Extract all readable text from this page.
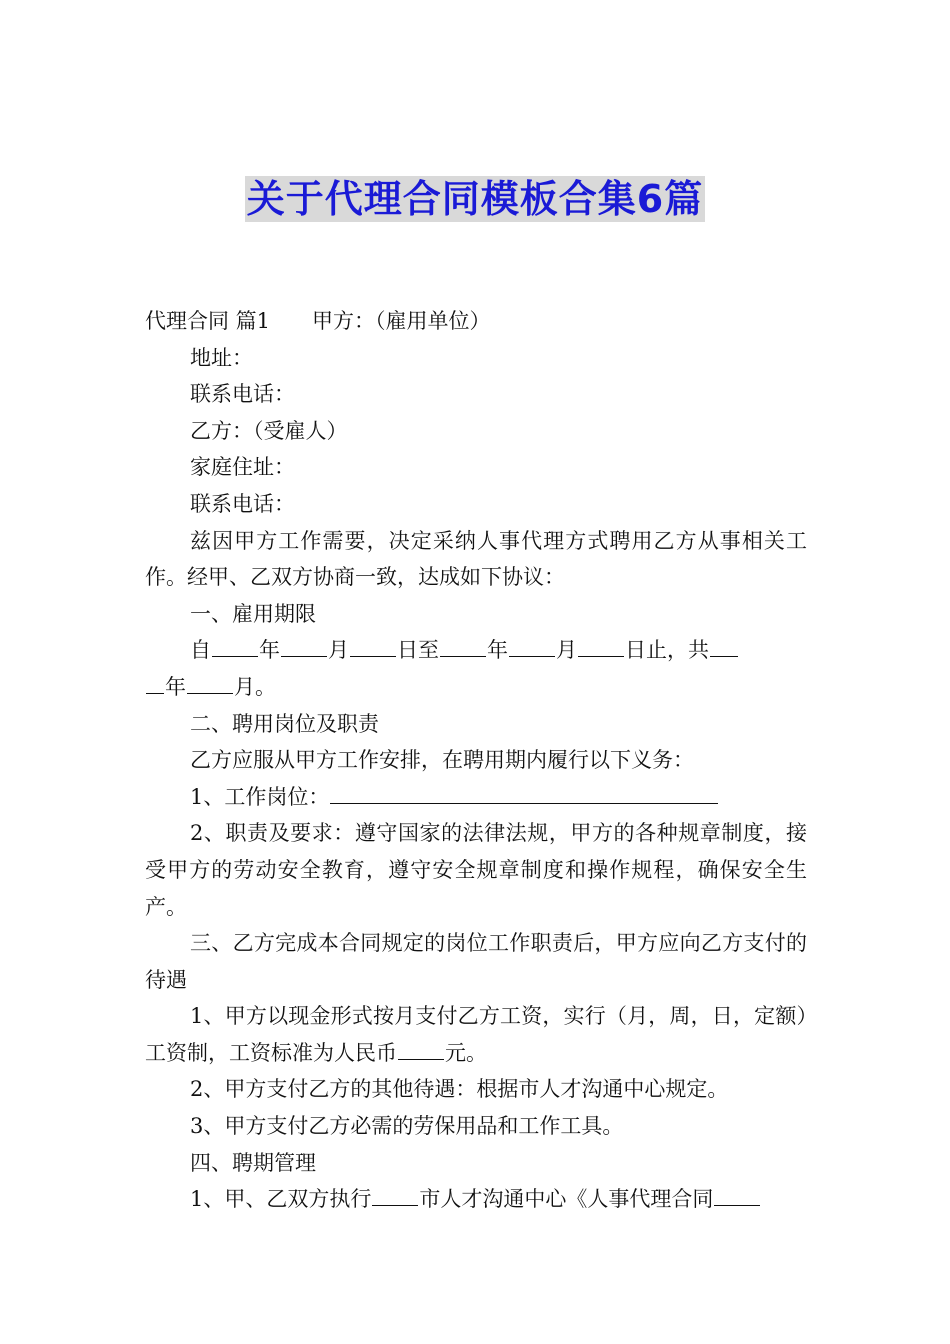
关于代理合同模板合集6篇
代理合同 篇1 甲方：（雇用单位）
地址：
联系电话：
乙方：（受雇人）
家庭住址：
联系电话：
兹因甲方工作需要，决定采纳人事代理方式聘用乙方从事相关工作。经甲、乙双方协商一致，达成如下协议：
一、雇用期限
自 年 月 日至 年 月 日止，共
年 月。
二、聘用岗位及职责
乙方应服从甲方工作安排，在聘用期内履行以下义务：
1、工作岗位：
2、职责及要求：遵守国家的法律法规，甲方的各种规章制度，接受甲方的劳动安全教育，遵守安全规章制度和操作规程，确保安全生产。
三、乙方完成本合同规定的岗位工作职责后，甲方应向乙方支付的待遇
1、甲方以现金形式按月支付乙方工资，实行（月，周，日，定额）工资制，工资标准为人民币 元。
2、甲方支付乙方的其他待遇：根据市人才沟通中心规定。
3、甲方支付乙方必需的劳保用品和工作工具。
四、聘期管理
1、甲、乙双方执行 市人才沟通中心《人事代理合同
